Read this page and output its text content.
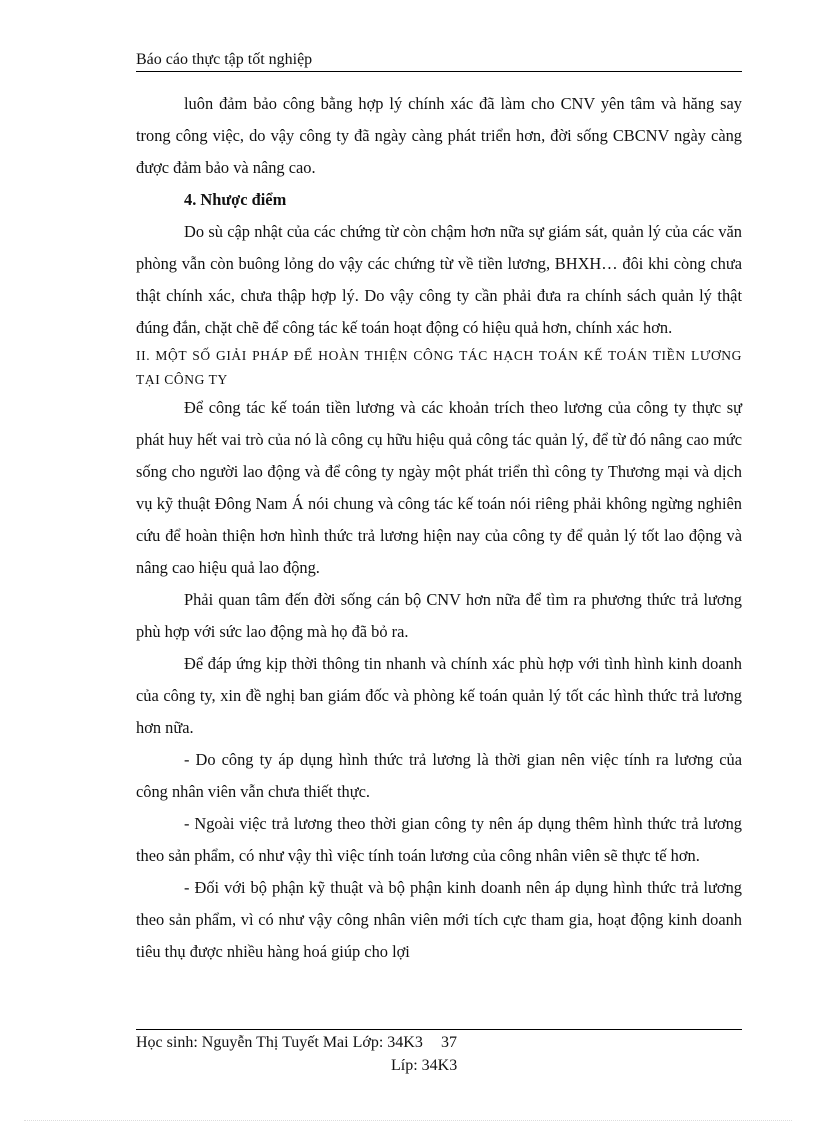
Báo cáo thực tập tốt nghiệp

luôn đảm bảo công bằng hợp lý chính xác đã làm cho CNV yên tâm và hăng say trong công việc, do vậy công ty đã ngày càng phát triển hơn, đời sống CBCNV ngày càng được đảm bảo và nâng cao.

4. Nhược điểm

Do sù cập nhật của các chứng từ còn chậm hơn nữa sự giám sát, quản lý của các văn phòng vẫn còn buông lỏng do vậy các chứng từ về tiền lương, BHXH… đôi khi còng chưa thật chính xác, chưa thập hợp lý. Do vậy công ty cần phải đưa ra chính sách quản lý thật đúng đắn, chặt chẽ để công tác kế toán hoạt động có hiệu quả hơn, chính xác hơn.

II. MỘT SỐ GIẢI PHÁP ĐỂ HOÀN THIỆN CÔNG TÁC HẠCH TOÁN KẾ TOÁN TIỀN LƯƠNG TẠI CÔNG TY

Để công tác kế toán tiền lương và các khoản trích theo lương của công ty thực sự phát huy hết vai trò của nó là công cụ hữu hiệu quả công tác quản lý, để từ đó nâng cao mức sống cho người lao động và để công ty ngày một phát triển thì công ty Thương mại và dịch vụ kỹ thuật Đông Nam Á nói chung và công tác kế toán nói riêng phải không ngừng nghiên cứu để hoàn thiện hơn hình thức trả lương hiện nay của công ty để quản lý tốt lao động và nâng cao hiệu quả lao động.

Phải quan tâm đến đời sống cán bộ CNV hơn nữa để tìm ra phương thức trả lương phù hợp với sức lao động mà họ đã bỏ ra.

Để đáp ứng kịp thời thông tin nhanh và chính xác phù hợp với tình hình kinh doanh của công ty, xin đề nghị ban giám đốc và phòng kế toán quản lý tốt các hình thức trả lương hơn nữa.

- Do công ty áp dụng hình thức trả lương là thời gian nên việc tính ra lương của công nhân viên vẫn chưa thiết thực.

- Ngoài việc trả lương theo thời gian công ty nên áp dụng thêm hình thức trả lương theo sản phẩm, có như vậy thì việc tính toán lương của công nhân viên sẽ thực tế hơn.

- Đối với bộ phận kỹ thuật và bộ phận kinh doanh nên áp dụng hình thức trả lương theo sản phẩm, vì có như vậy công nhân viên mới tích cực tham gia, hoạt động kinh doanh tiêu thụ được nhiều hàng hoá giúp cho lợi

Học sinh: Nguyễn Thị Tuyết Mai Lớp: 34K3 37
Líp: 34K3
